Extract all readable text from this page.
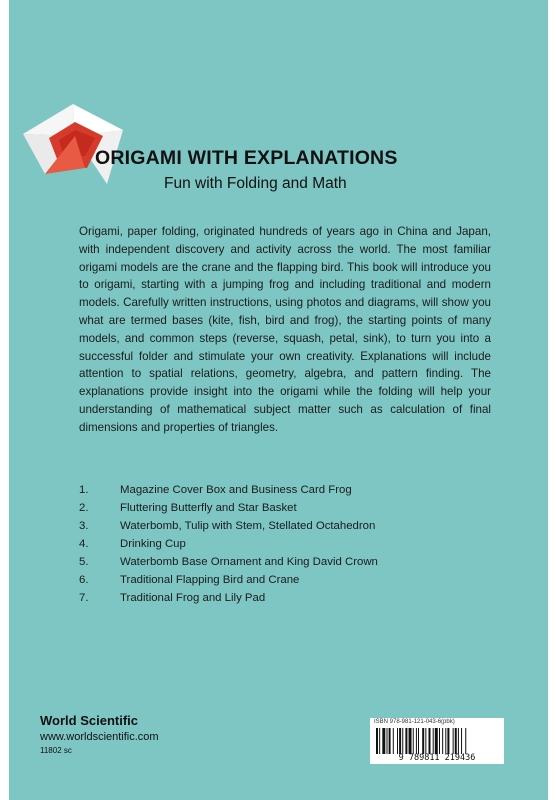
ORIGAMI WITH EXPLANATIONS
Fun with Folding and Math

Origami, paper folding, originated hundreds of years ago in China and Japan, with independent discovery and activity across the world. The most familiar origami models are the crane and the flapping bird. This book will introduce you to origami, starting with a jumping frog and including traditional and modern models. Carefully written instructions, using photos and diagrams, will show you what are termed bases (kite, fish, bird and frog), the starting points of many models, and common steps (reverse, squash, petal, sink), to turn you into a successful folder and stimulate your own creativity. Explanations will include attention to spatial relations, geometry, algebra, and pattern finding. The explanations provide insight into the origami while the folding will help your understanding of mathematical subject matter such as calculation of final dimensions and properties of triangles.

1.	Magazine Cover Box and Business Card Frog
2.	Fluttering Butterfly and Star Basket
3.	Waterbomb, Tulip with Stem, Stellated Octahedron
4.	Drinking Cup
5.	Waterbomb Base Ornament and King David Crown
6.	Traditional Flapping Bird and Crane
7.	Traditional Frog and Lily Pad
World Scientific
www.worldscientific.com
11802 sc
ISBN 978-981-121-043-6(pbk)
9 789811 219436
